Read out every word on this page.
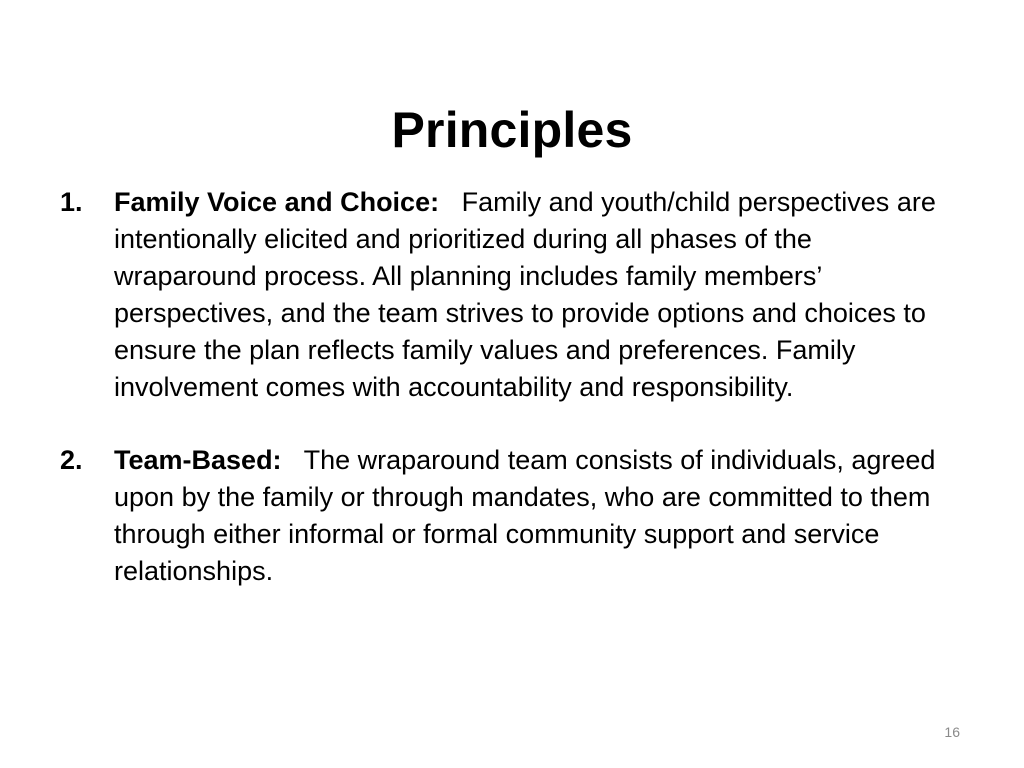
Principles
1. Family Voice and Choice:   Family and youth/child perspectives are intentionally elicited and prioritized during all phases of the wraparound process. All planning includes family members’ perspectives, and the team strives to provide options and choices to ensure the plan reflects family values and preferences. Family involvement comes with accountability and responsibility.
2. Team-Based:   The wraparound team consists of individuals, agreed upon by the family or through mandates, who are committed to them through either informal or formal community support and service relationships.
16
